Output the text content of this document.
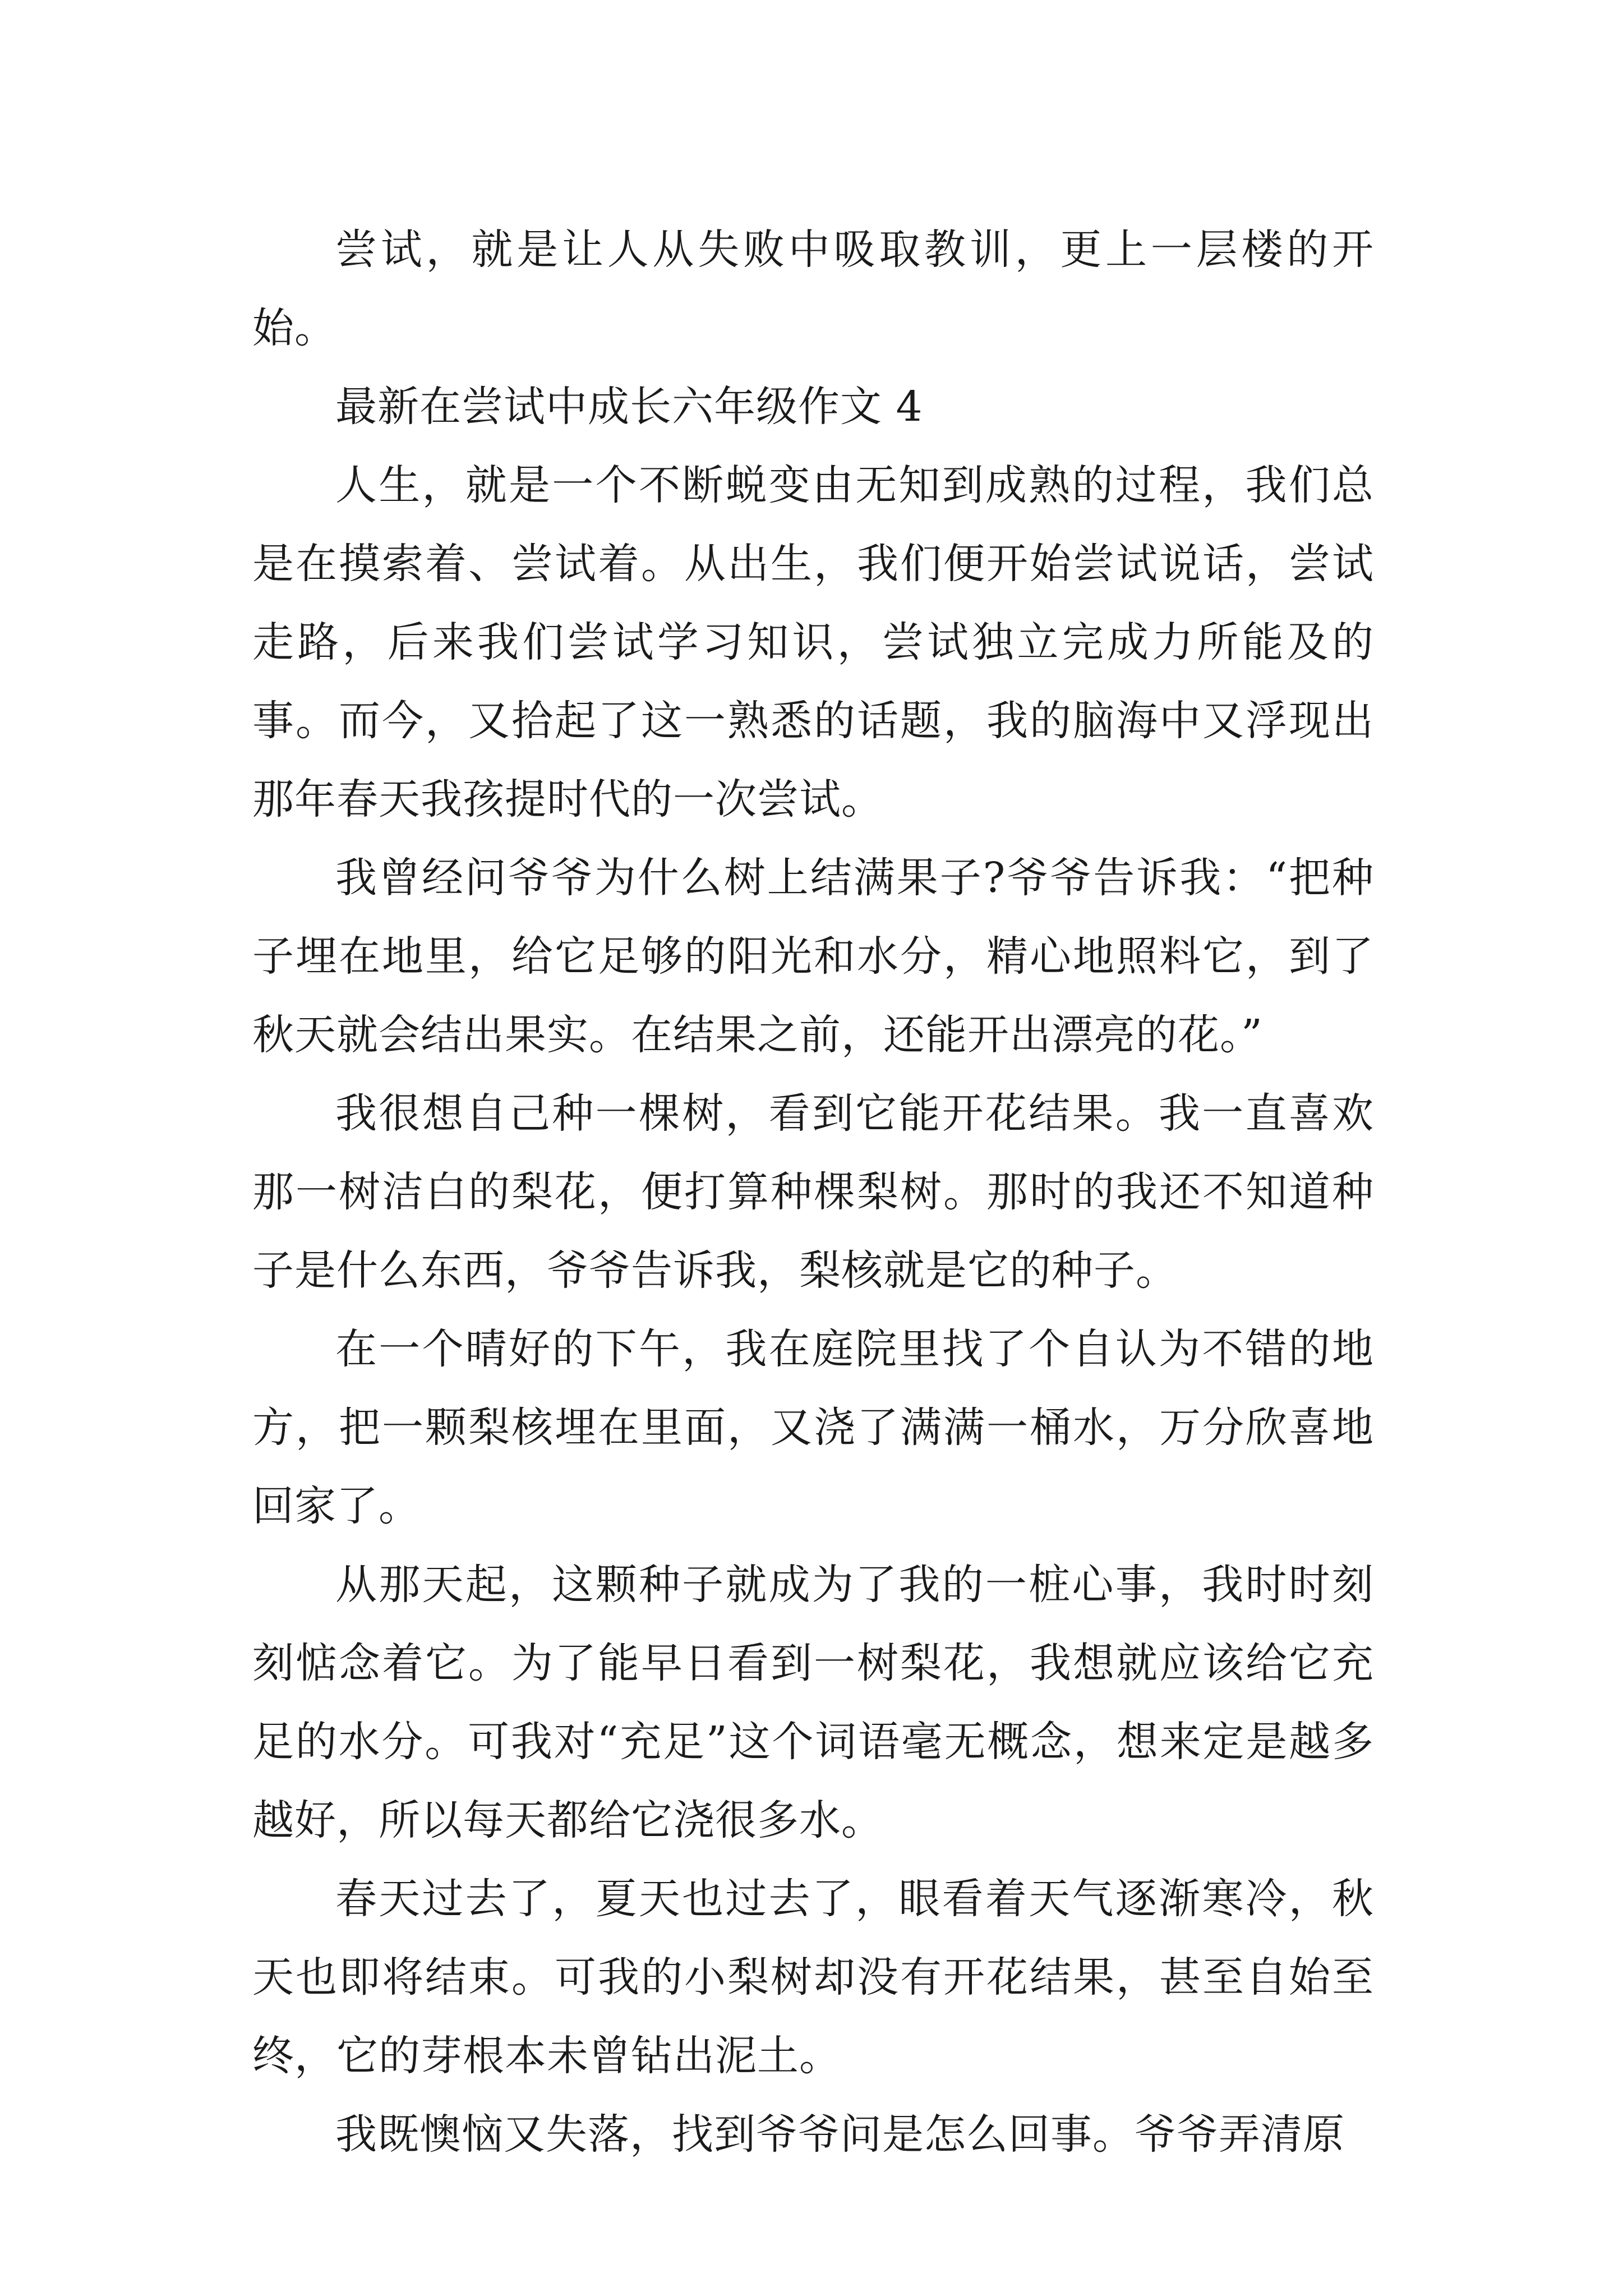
尝试，就是让人从失败中吸取教训，更上一层楼的开始。

最新在尝试中成长六年级作文 4

人生，就是一个不断蜕变由无知到成熟的过程，我们总是在摸索着、尝试着。从出生，我们便开始尝试说话，尝试走路，后来我们尝试学习知识，尝试独立完成力所能及的事。而今，又拾起了这一熟悉的话题，我的脑海中又浮现出那年春天我孩提时代的一次尝试。

我曾经问爷爷为什么树上结满果子?爷爷告诉我：“把种子埋在地里，给它足够的阳光和水分，精心地照料它，到了秋天就会结出果实。在结果之前，还能开出漂亮的花。”

我很想自己种一棵树，看到它能开花结果。我一直喜欢那一树洁白的梨花，便打算种棵梨树。那时的我还不知道种子是什么东西，爷爷告诉我，梨核就是它的种子。

在一个晴好的下午，我在庭院里找了个自认为不错的地方，把一颗梨核埋在里面，又浇了满满一桶水，万分欣喜地回家了。

从那天起，这颗种子就成为了我的一桩心事，我时时刻刻惦念着它。为了能早日看到一树梨花，我想就应该给它充足的水分。可我对“充足”这个词语毫无概念，想来定是越多越好，所以每天都给它浇很多水。

春天过去了，夏天也过去了，眼看着天气逐渐寒冷，秋天也即将结束。可我的小梨树却没有开花结果，甚至自始至终，它的芽根本未曾钻出泥土。

我既懊恼又失落，找到爷爷问是怎么回事。爷爷弄清原
